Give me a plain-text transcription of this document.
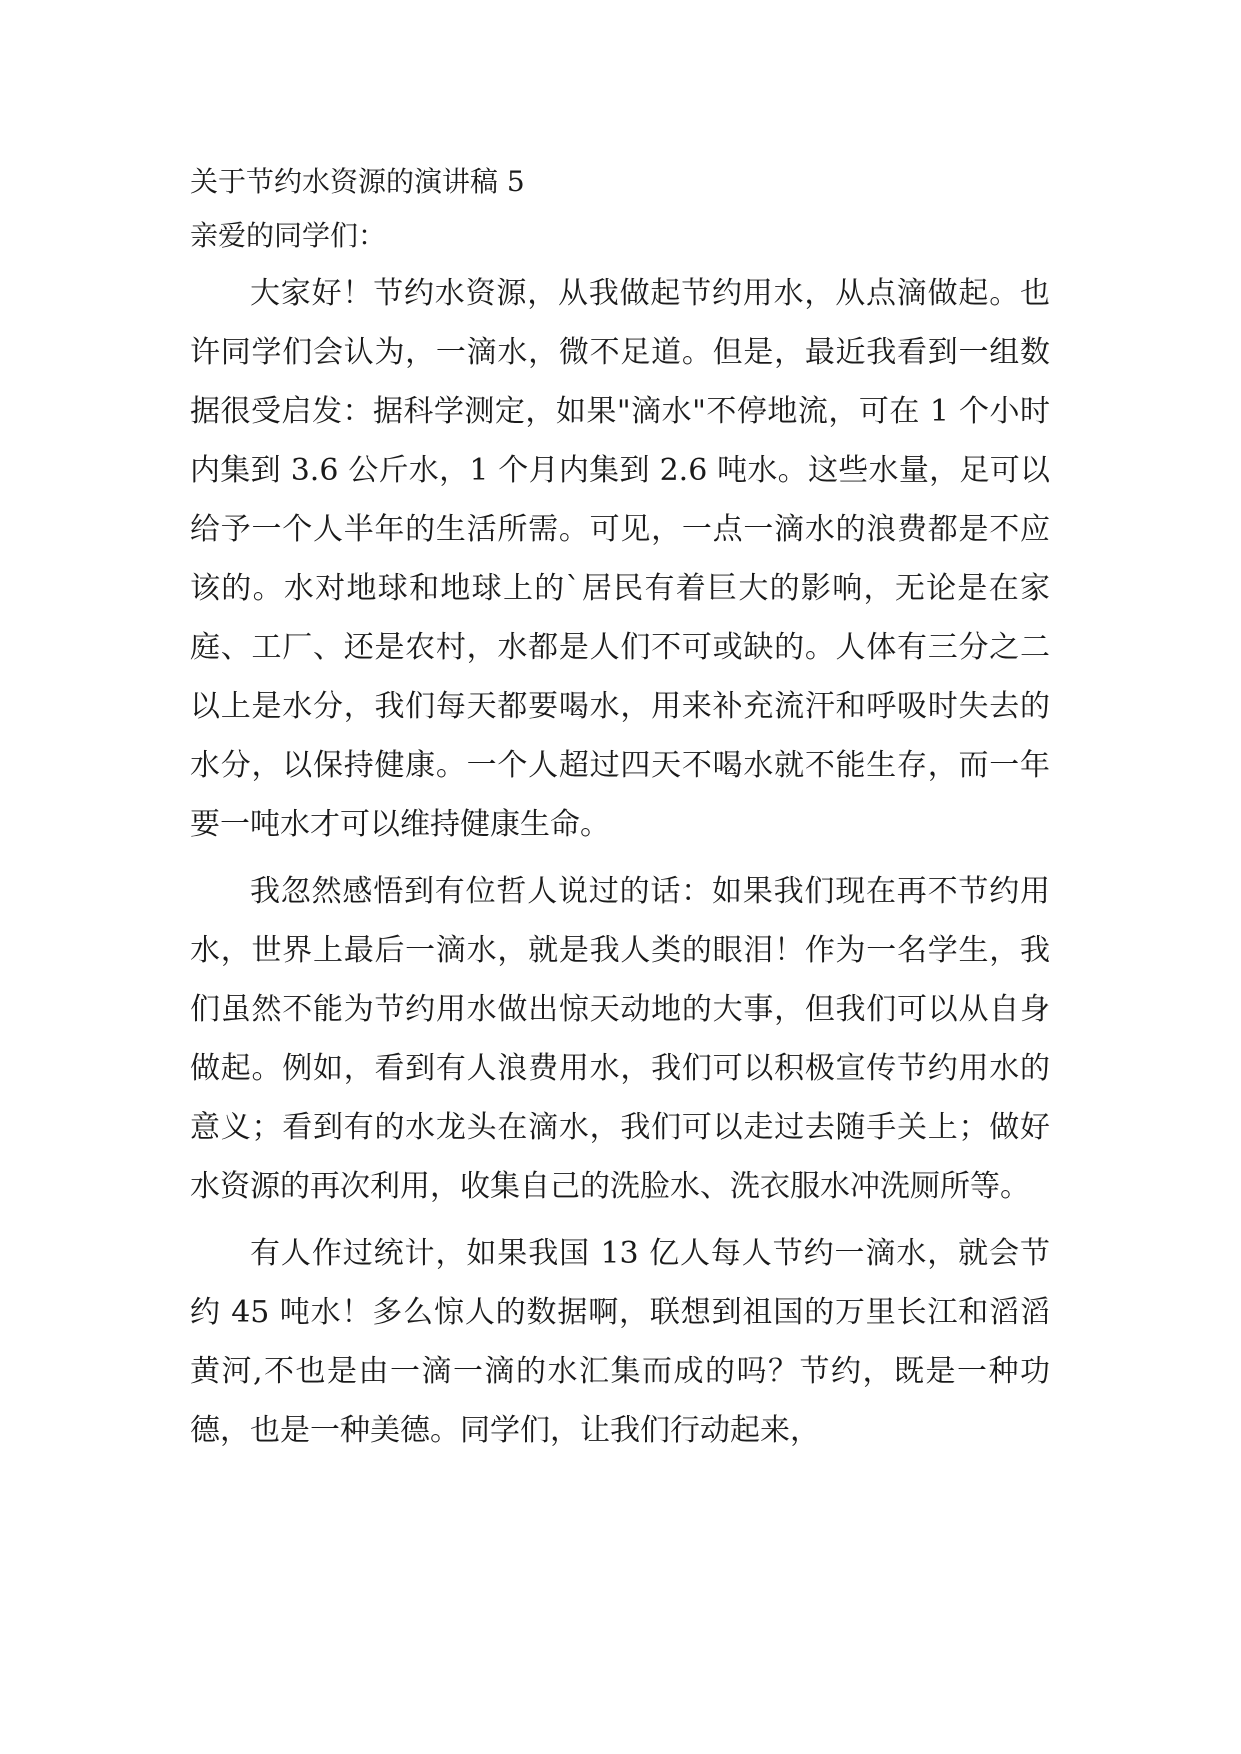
关于节约水资源的演讲稿 5

亲爱的同学们：

大家好！节约水资源，从我做起节约用水，从点滴做起。也许同学们会认为，一滴水，微不足道。但是，最近我看到一组数据很受启发：据科学测定，如果"滴水"不停地流，可在 1 个小时内集到 3.6 公斤水，1 个月内集到 2.6 吨水。这些水量，足可以给予一个人半年的生活所需。可见，一点一滴水的浪费都是不应该的。水对地球和地球上的`居民有着巨大的影响，无论是在家庭、工厂、还是农村，水都是人们不可或缺的。人体有三分之二以上是水分，我们每天都要喝水，用来补充流汗和呼吸时失去的水分，以保持健康。一个人超过四天不喝水就不能生存，而一年要一吨水才可以维持健康生命。

我忽然感悟到有位哲人说过的话：如果我们现在再不节约用水，世界上最后一滴水，就是我人类的眼泪！作为一名学生，我们虽然不能为节约用水做出惊天动地的大事，但我们可以从自身做起。例如，看到有人浪费用水，我们可以积极宣传节约用水的意义；看到有的水龙头在滴水，我们可以走过去随手关上；做好水资源的再次利用，收集自己的洗脸水、洗衣服水冲洗厕所等。

有人作过统计，如果我国 13 亿人每人节约一滴水，就会节约 45 吨水！多么惊人的数据啊，联想到祖国的万里长江和滔滔黄河,不也是由一滴一滴的水汇集而成的吗？节约，既是一种功德，也是一种美德。同学们，让我们行动起来，
